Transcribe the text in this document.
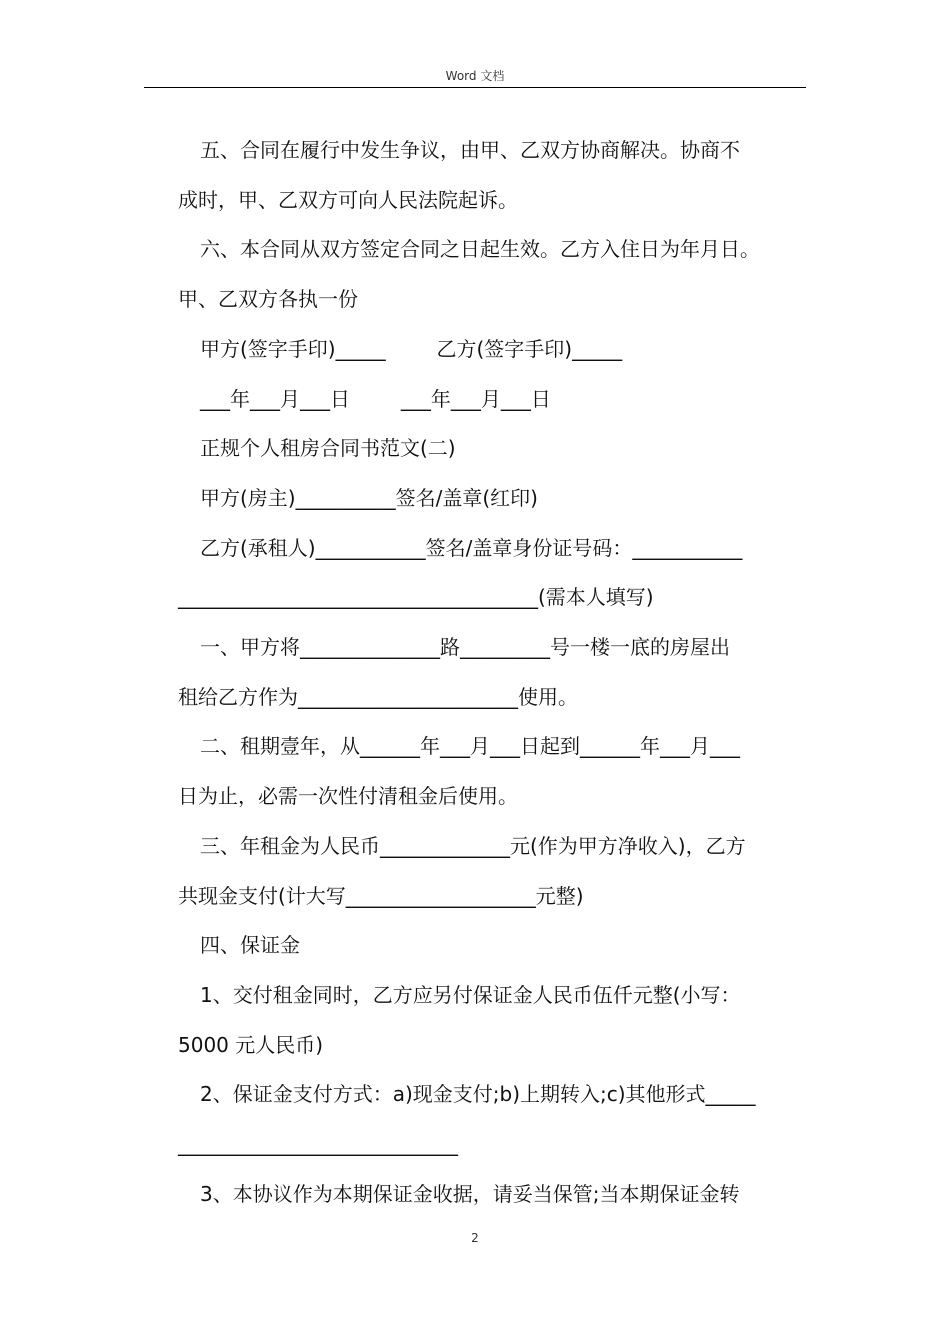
Word 文档
五、合同在履行中发生争议，由甲、乙双方协商解决。协商不
成时，甲、乙双方可向人民法院起诉。
六、本合同从双方签定合同之日起生效。乙方入住日为年月日。
甲、乙双方各执一份
甲方(签字手印)_____        乙方(签字手印)_____
___年___月___日        ___年___月___日
正规个人租房合同书范文(二)
甲方(房主)__________签名/盖章(红印)
乙方(承租人)___________签名/盖章身份证号码：___________
____________________________________(需本人填写)
一、甲方将______________路_________号一楼一底的房屋出
租给乙方作为______________________使用。
二、租期壹年，从______年___月___日起到______年___月___
日为止，必需一次性付清租金后使用。
三、年租金为人民币_____________元(作为甲方净收入)，乙方
共现金支付(计大写___________________元整)
四、保证金
1、交付租金同时，乙方应另付保证金人民币伍仟元整(小写：
5000 元人民币)
2、保证金支付方式：a)现金支付;b)上期转入;c)其他形式_____
____________________________
3、本协议作为本期保证金收据，请妥当保管;当本期保证金转
2
